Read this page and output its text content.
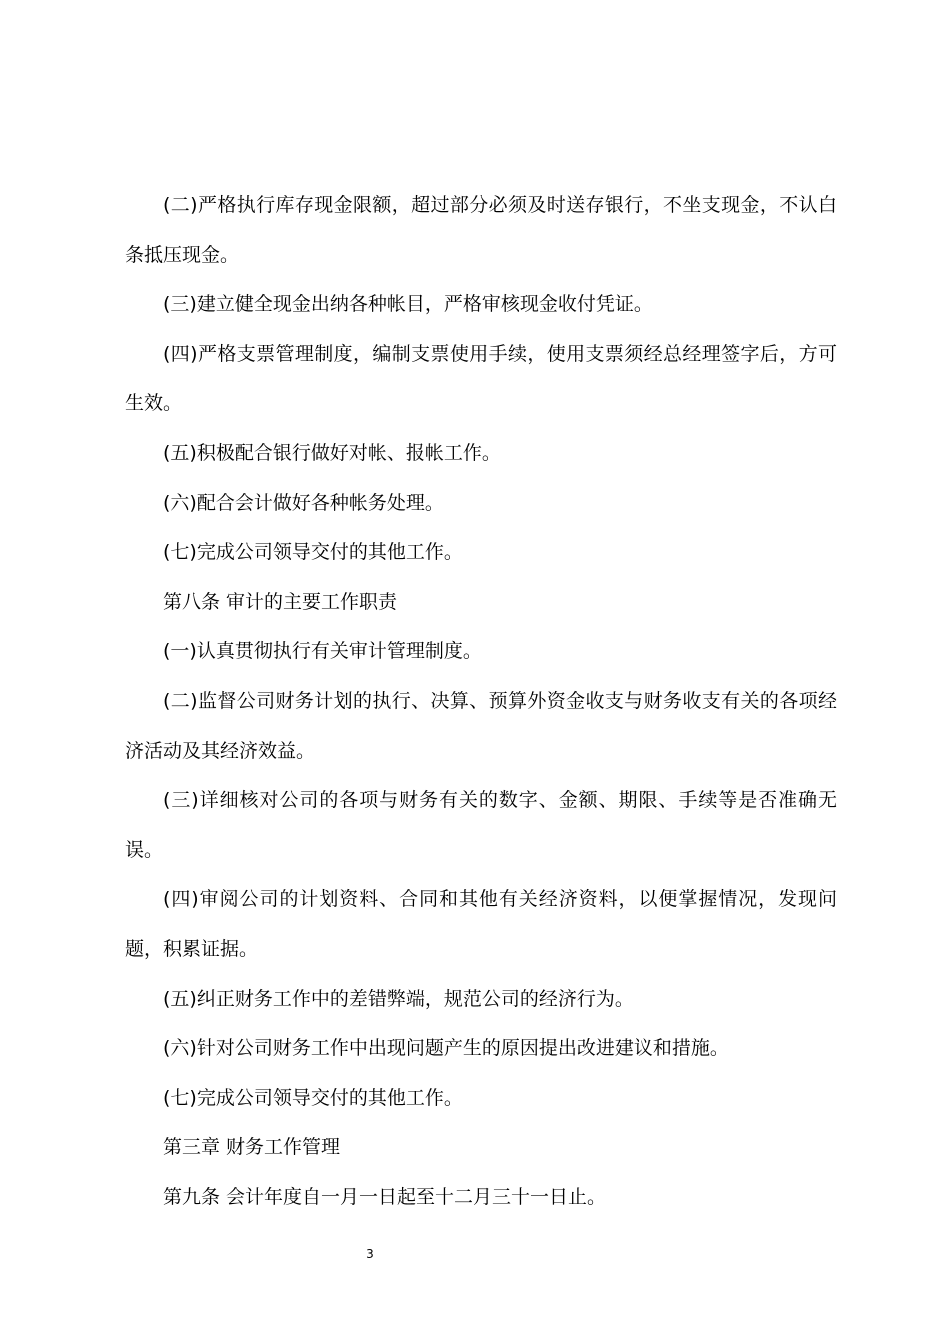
(二)严格执行库存现金限额，超过部分必须及时送存银行，不坐支现金，不认白条抵压现金。

(三)建立健全现金出纳各种帐目，严格审核现金收付凭证。

(四)严格支票管理制度，编制支票使用手续，使用支票须经总经理签字后，方可生效。

(五)积极配合银行做好对帐、报帐工作。

(六)配合会计做好各种帐务处理。

(七)完成公司领导交付的其他工作。

第八条 审计的主要工作职责

(一)认真贯彻执行有关审计管理制度。

(二)监督公司财务计划的执行、决算、预算外资金收支与财务收支有关的各项经济活动及其经济效益。

(三)详细核对公司的各项与财务有关的数字、金额、期限、手续等是否准确无误。

(四)审阅公司的计划资料、合同和其他有关经济资料，以便掌握情况，发现问题，积累证据。

(五)纠正财务工作中的差错弊端，规范公司的经济行为。

(六)针对公司财务工作中出现问题产生的原因提出改进建议和措施。

(七)完成公司领导交付的其他工作。

第三章 财务工作管理

第九条 会计年度自一月一日起至十二月三十一日止。

3
